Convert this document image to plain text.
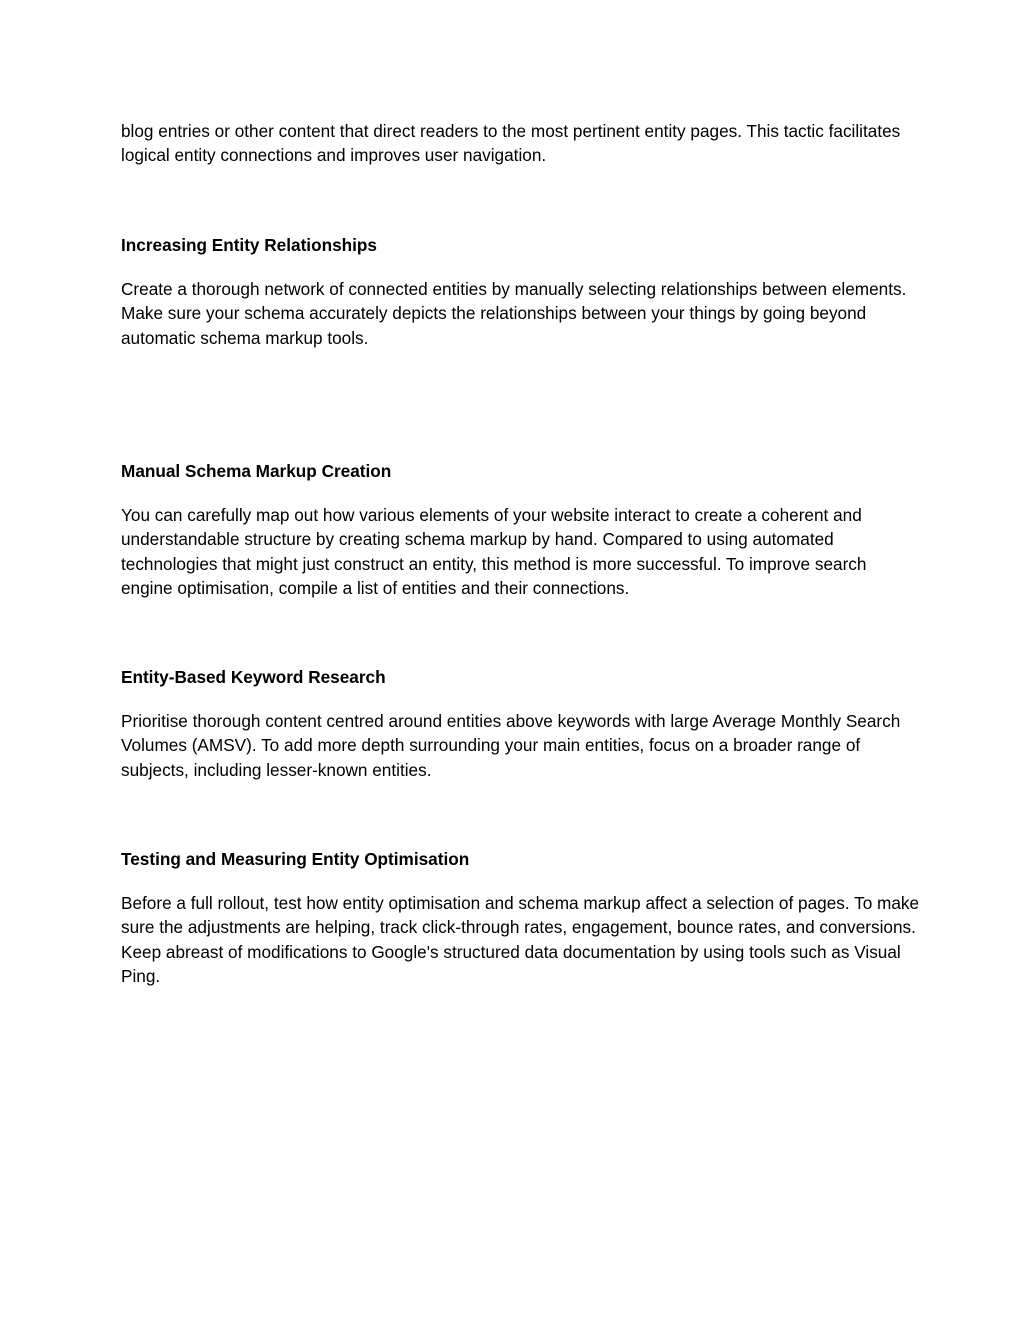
blog entries or other content that direct readers to the most pertinent entity pages. This tactic facilitates logical entity connections and improves user navigation.

Increasing Entity Relationships

Create a thorough network of connected entities by manually selecting relationships between elements. Make sure your schema accurately depicts the relationships between your things by going beyond automatic schema markup tools.

Manual Schema Markup Creation

You can carefully map out how various elements of your website interact to create a coherent and understandable structure by creating schema markup by hand. Compared to using automated technologies that might just construct an entity, this method is more successful. To improve search engine optimisation, compile a list of entities and their connections.

Entity-Based Keyword Research

Prioritise thorough content centred around entities above keywords with large Average Monthly Search Volumes (AMSV). To add more depth surrounding your main entities, focus on a broader range of subjects, including lesser-known entities.

Testing and Measuring Entity Optimisation

Before a full rollout, test how entity optimisation and schema markup affect a selection of pages. To make sure the adjustments are helping, track click-through rates, engagement, bounce rates, and conversions. Keep abreast of modifications to Google's structured data documentation by using tools such as Visual Ping.
